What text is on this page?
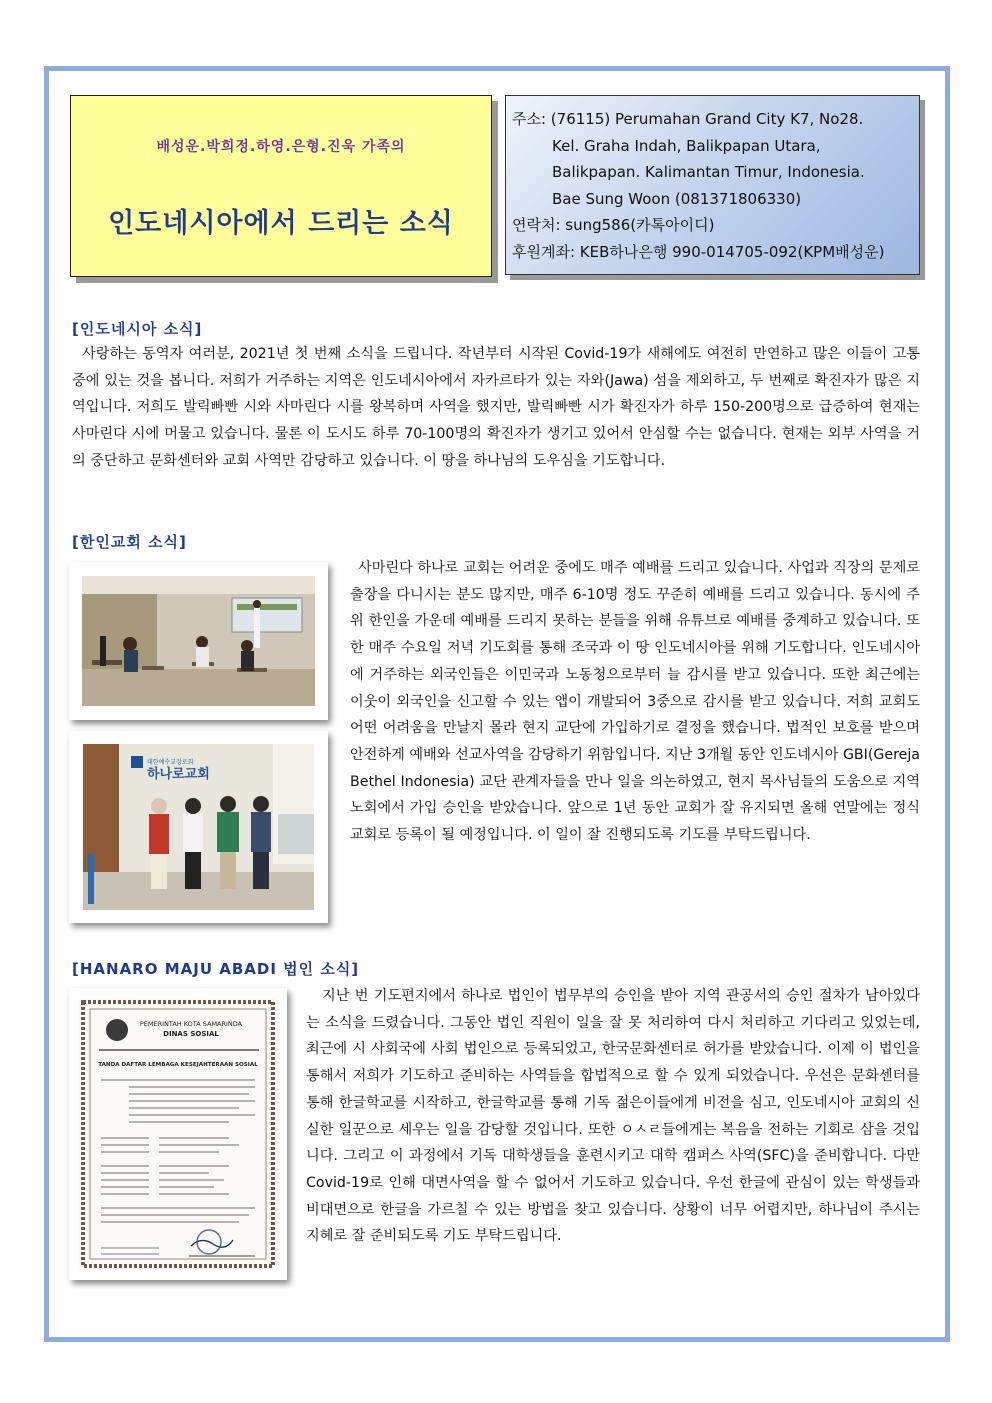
배성운.박희정.하영.은형.진욱 가족의
인도네시아에서 드리는 소식
주소: (76115) Perumahan Grand City K7, No28.
Kel. Graha Indah, Balikpapan Utara,
Balikpapan. Kalimantan Timur, Indonesia.
Bae Sung Woon (081371806330)
연락처: sung586(카톡아이디)
후원계좌: KEB하나은행 990-014705-092(KPM배성운)
[인도네시아 소식]
사랑하는 동역자 여러분, 2021년 첫 번째 소식을 드립니다. 작년부터 시작된 Covid-19가 새해에도 여전히 만연하고 많은 이들이 고통 중에 있는 것을 봅니다. 저희가 거주하는 지역은 인도네시아에서 자카르타가 있는 자와(Jawa) 섬을 제외하고, 두 번째로 확진자가 많은 지역입니다. 저희도 발릭빠빤 시와 사마린다 시를 왕복하며 사역을 했지만, 발릭빠빤 시가 확진자가 하루 150-200명으로 급증하여 현재는 사마린다 시에 머물고 있습니다. 물론 이 도시도 하루 70-100명의 확진자가 생기고 있어서 안심할 수는 없습니다. 현재는 외부 사역을 거의 중단하고 문화센터와 교회 사역만 감당하고 있습니다. 이 땅을 하나님의 도우심을 기도합니다.
[한인교회 소식]
대한예수교장로회
하나로교회
사마린다 하나로 교회는 어려운 중에도 매주 예배를 드리고 있습니다. 사업과 직장의 문제로 출장을 다니시는 분도 많지만, 매주 6-10명 정도 꾸준히 예배를 드리고 있습니다. 동시에 주위 한인을 가운데 예배를 드리지 못하는 분들을 위해 유튜브로 예배를 중계하고 있습니다. 또한 매주 수요일 저녁 기도회를 통해 조국과 이 땅 인도네시아를 위해 기도합니다. 인도네시아에 거주하는 외국인들은 이민국과 노동청으로부터 늘 감시를 받고 있습니다. 또한 최근에는 이웃이 외국인을 신고할 수 있는 앱이 개발되어 3중으로 감시를 받고 있습니다. 저희 교회도 어떤 어려움을 만날지 몰라 현지 교단에 가입하기로 결정을 했습니다. 법적인 보호를 받으며 안전하게 예배와 선교사역을 감당하기 위함입니다. 지난 3개월 동안 인도네시아 GBI(Gereja Bethel Indonesia) 교단 관계자들을 만나 일을 의논하였고, 현지 목사님들의 도움으로 지역 노회에서 가입 승인을 받았습니다. 앞으로 1년 동안 교회가 잘 유지되면 올해 연말에는 정식 교회로 등록이 될 예정입니다. 이 일이 잘 진행되도록 기도를 부탁드립니다.
[HANARO MAJU ABADI 법인 소식]
PEMERINTAH KOTA SAMARINDA
DINAS SOSIAL
TANDA DAFTAR LEMBAGA KESEJAHTERAAN SOSIAL
지난 번 기도편지에서 하나로 법인이 법무부의 승인을 받아 지역 관공서의 승인 절차가 남아있다는 소식을 드렸습니다. 그동안 법인 직원이 일을 잘 못 처리하여 다시 처리하고 기다리고 있었는데, 최근에 시 사회국에 사회 법인으로 등록되었고, 한국문화센터로 허가를 받았습니다. 이제 이 법인을 통해서 저희가 기도하고 준비하는 사역들을 합법적으로 할 수 있게 되었습니다. 우선은 문화센터를 통해 한글학교를 시작하고, 한글학교를 통해 기독 젊은이들에게 비전을 심고, 인도네시아 교회의 신실한 일꾼으로 세우는 일을 감당할 것입니다. 또한 ㅇㅅㄹ들에게는 복음을 전하는 기회로 삼을 것입니다. 그리고 이 과정에서 기독 대학생들을 훈련시키고 대학 캠퍼스 사역(SFC)을 준비합니다. 다만 Covid-19로 인해 대면사역을 할 수 없어서 기도하고 있습니다. 우선 한글에 관심이 있는 학생들과 비대면으로 한글을 가르칠 수 있는 방법을 찾고 있습니다. 상황이 너무 어렵지만, 하나님이 주시는 지혜로 잘 준비되도록 기도 부탁드립니다.
